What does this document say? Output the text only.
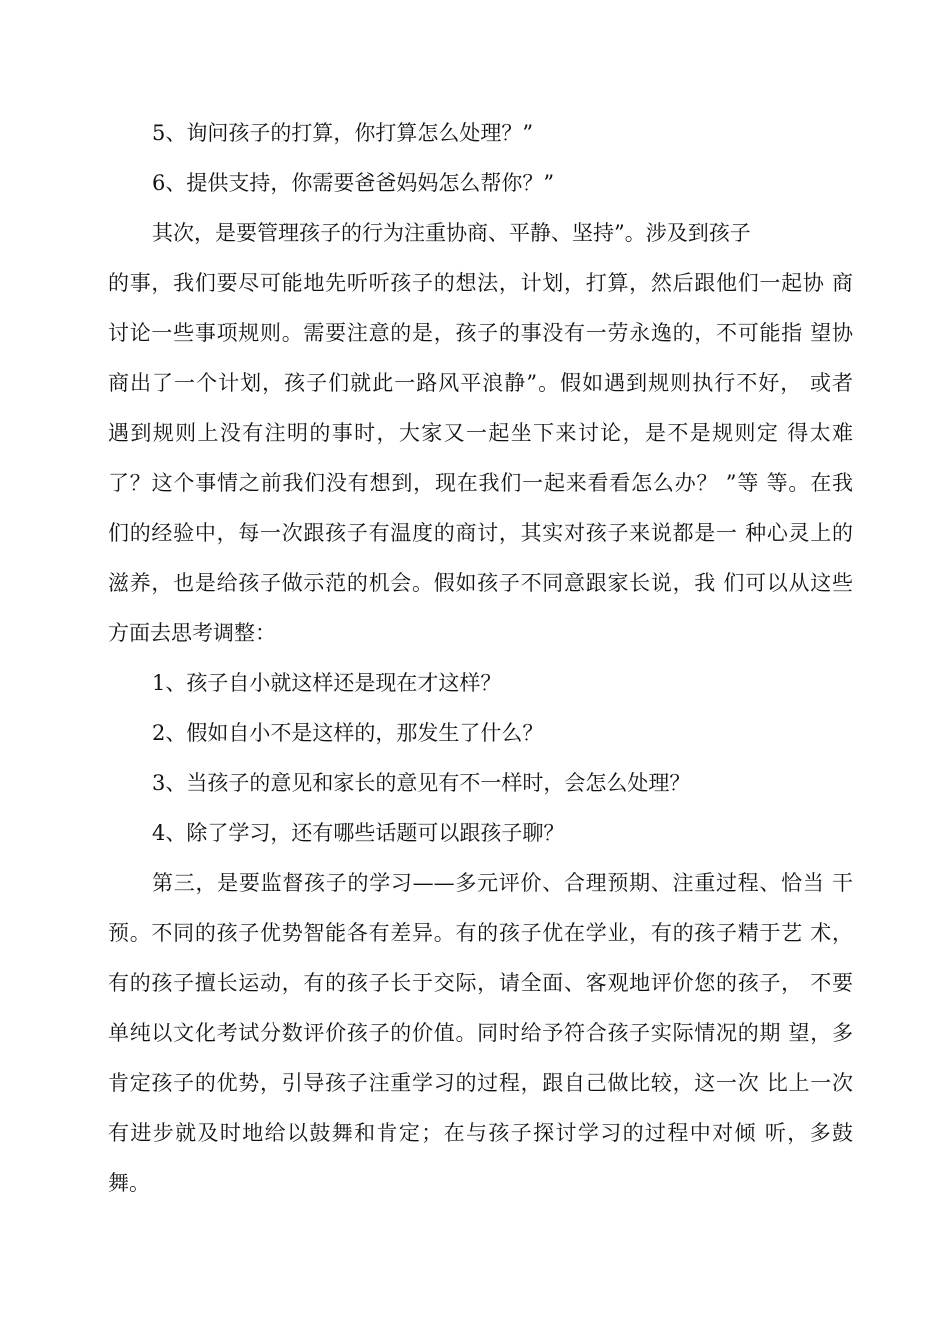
5、询问孩子的打算，你打算怎么处理？”
6、提供支持，你需要爸爸妈妈怎么帮你？”
其次，是要管理孩子的行为注重协商、平静、坚持”。涉及到孩子
的事，我们要尽可能地先听听孩子的想法，计划，打算，然后跟他们一起协 商
讨论一些事项规则。需要注意的是，孩子的事没有一劳永逸的，不可能指 望协
商出了一个计划，孩子们就此一路风平浪静”。假如遇到规则执行不好， 或者
遇到规则上没有注明的事时，大家又一起坐下来讨论，是不是规则定 得太难
了？这个事情之前我们没有想到，现在我们一起来看看怎么办？ ”等 等。在我
们的经验中，每一次跟孩子有温度的商讨，其实对孩子来说都是一 种心灵上的
滋养，也是给孩子做示范的机会。假如孩子不同意跟家长说，我 们可以从这些
方面去思考调整：
1、孩子自小就这样还是现在才这样？
2、假如自小不是这样的，那发生了什么？
3、当孩子的意见和家长的意见有不一样时，会怎么处理？
4、除了学习，还有哪些话题可以跟孩子聊？
第三，是要监督孩子的学习——多元评价、合理预期、注重过程、恰当 干
预。不同的孩子优势智能各有差异。有的孩子优在学业，有的孩子精于艺 术，
有的孩子擅长运动，有的孩子长于交际，请全面、客观地评价您的孩子， 不要
单纯以文化考试分数评价孩子的价值。同时给予符合孩子实际情况的期 望，多
肯定孩子的优势，引导孩子注重学习的过程，跟自己做比较，这一次 比上一次
有进步就及时地给以鼓舞和肯定；在与孩子探讨学习的过程中对倾 听，多鼓
舞。
